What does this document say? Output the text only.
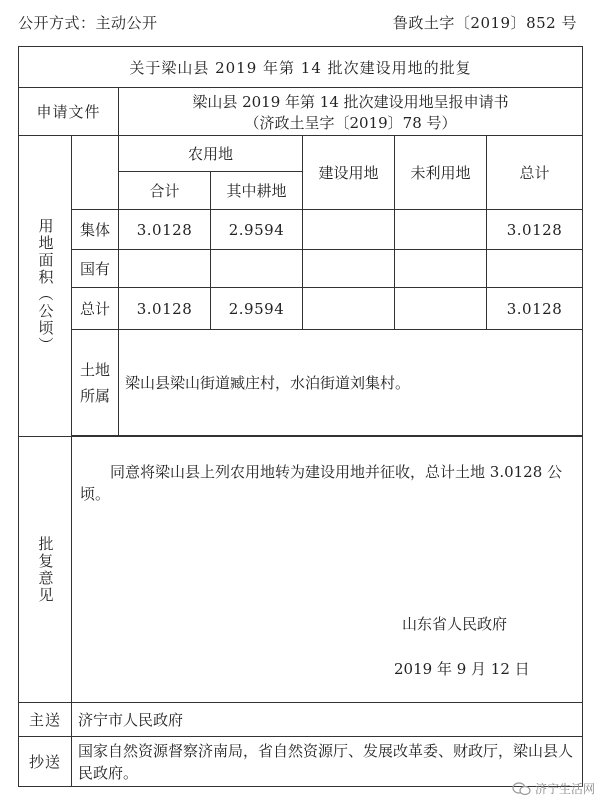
公开方式：主动公开	鲁政土字〔2019〕852 号
关于梁山县 2019 年第 14 批次建设用地的批复						
申请文件		梁山县 2019 年第 14 批次建设用地呈报申请书
（济政土呈字〔2019〕78 号）				

用地面积（公顷）		农用地		建设用地	未利用地	总计
		合计	其中耕地			
	集体	3.0128	2.9594			3.0128
	国有					
	总计	3.0128	2.9594			3.0128

	土地所属	梁山县梁山街道臧庄村，水泊街道刘集村。				

批复意见	同意将梁山县上列农用地转为建设用地并征收，总计土地 3.0128 公顷。
山东省人民政府
2019 年 9 月 12 日					

主送	济宁市人民政府					
抄送	国家自然资源督察济南局，省自然资源厅、发展改革委、财政厅，梁山县人民政府。					
济宁生活网
